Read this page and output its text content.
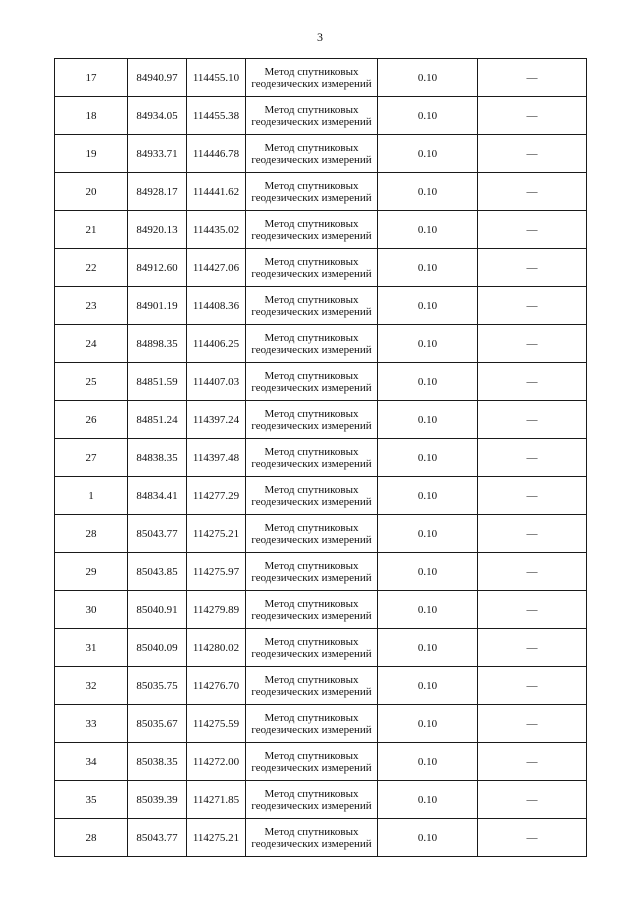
3
17	84940.97	114455.10	Метод спутниковых геодезических измерений	0.10	—
18	84934.05	114455.38	Метод спутниковых геодезических измерений	0.10	—
19	84933.71	114446.78	Метод спутниковых геодезических измерений	0.10	—
20	84928.17	114441.62	Метод спутниковых геодезических измерений	0.10	—
21	84920.13	114435.02	Метод спутниковых геодезических измерений	0.10	—
22	84912.60	114427.06	Метод спутниковых геодезических измерений	0.10	—
23	84901.19	114408.36	Метод спутниковых геодезических измерений	0.10	—
24	84898.35	114406.25	Метод спутниковых геодезических измерений	0.10	—
25	84851.59	114407.03	Метод спутниковых геодезических измерений	0.10	—
26	84851.24	114397.24	Метод спутниковых геодезических измерений	0.10	—
27	84838.35	114397.48	Метод спутниковых геодезических измерений	0.10	—
1	84834.41	114277.29	Метод спутниковых геодезических измерений	0.10	—
28	85043.77	114275.21	Метод спутниковых геодезических измерений	0.10	—
29	85043.85	114275.97	Метод спутниковых геодезических измерений	0.10	—
30	85040.91	114279.89	Метод спутниковых геодезических измерений	0.10	—
31	85040.09	114280.02	Метод спутниковых геодезических измерений	0.10	—
32	85035.75	114276.70	Метод спутниковых геодезических измерений	0.10	—
33	85035.67	114275.59	Метод спутниковых геодезических измерений	0.10	—
34	85038.35	114272.00	Метод спутниковых геодезических измерений	0.10	—
35	85039.39	114271.85	Метод спутниковых геодезических измерений	0.10	—
28	85043.77	114275.21	Метод спутниковых геодезических измерений	0.10	—
